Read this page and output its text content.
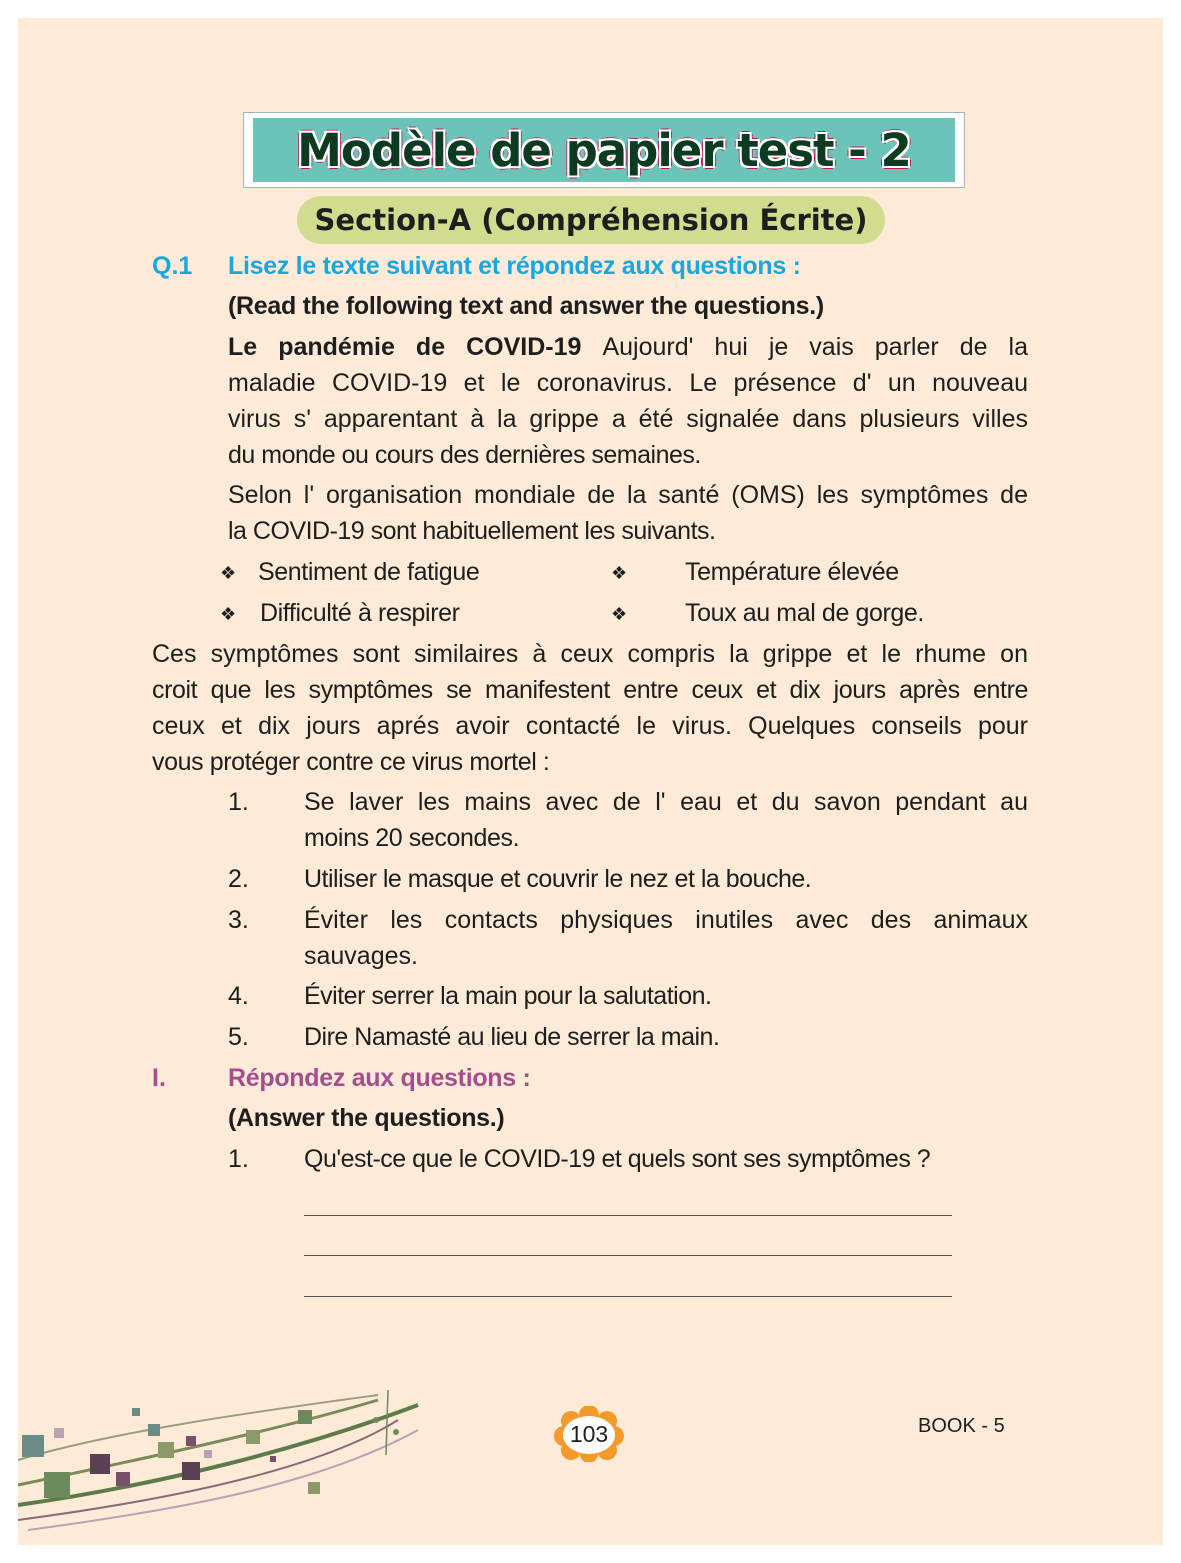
Modèle de papier test - 2
Section-A (Compréhension Écrite)
Q.1 Lisez le texte suivant et répondez aux questions :
(Read the following text and answer the questions.)
Le pandémie de COVID-19 Aujourd' hui je vais parler de la
maladie COVID-19 et le coronavirus. Le présence d' un nouveau
virus s' apparentant à la grippe a été signalée dans plusieurs villes
du monde ou cours des dernières semaines.
Selon l' organisation mondiale de la santé (OMS) les symptômes de
la COVID-19 sont habituellement les suivants.
❖ Sentiment de fatigue	❖ Température élevée
❖ Difficulté à respirer	❖ Toux au mal de gorge.
Ces symptômes sont similaires à ceux compris la grippe et le rhume on
croit que les symptômes se manifestent entre ceux et dix jours après entre
ceux et dix jours aprés avoir contacté le virus. Quelques conseils pour
vous protéger contre ce virus mortel :
1. Se laver les mains avec de l' eau et du savon pendant au
moins 20 secondes.
2. Utiliser le masque et couvrir le nez et la bouche.
3. Éviter les contacts physiques inutiles avec des animaux
sauvages.
4. Éviter serrer la main pour la salutation.
5. Dire Namasté au lieu de serrer la main.
I. Répondez aux questions :
(Answer the questions.)
1. Qu'est-ce que le COVID-19 et quels sont ses symptômes ?
103	BOOK - 5
